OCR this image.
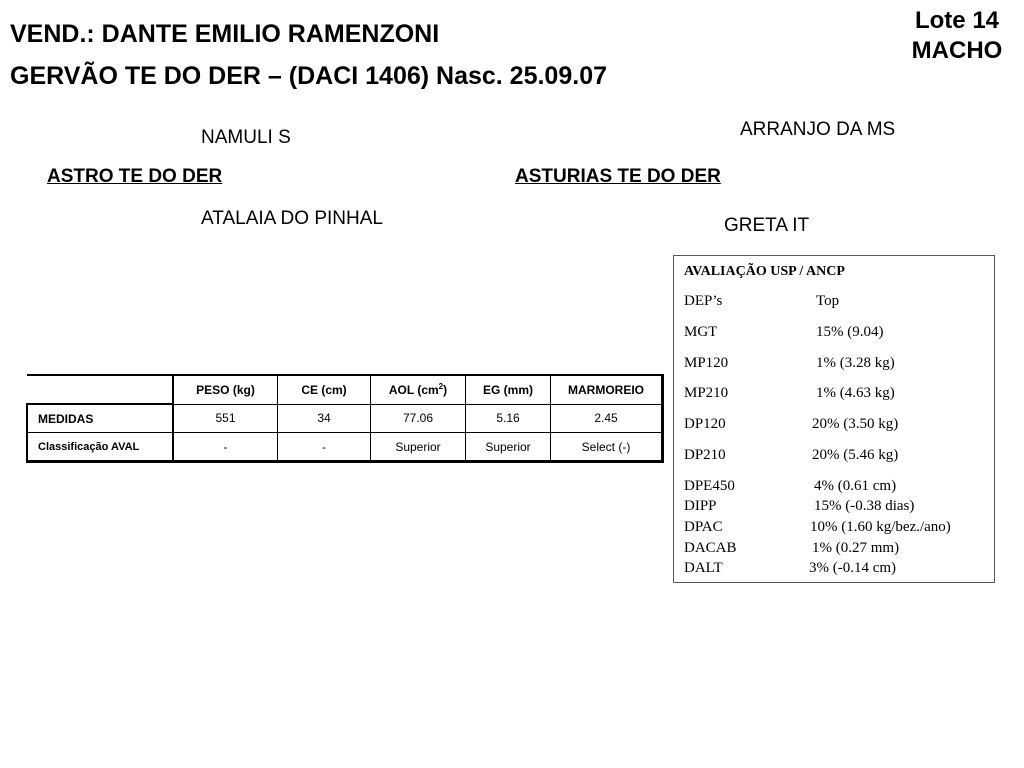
VEND.: DANTE EMILIO RAMENZONI
GERVÃO TE DO DER – (DACI 1406) Nasc. 25.09.07
Lote 14
MACHO
NAMULI S
ASTRO TE DO DER
ATALAIA DO PINHAL
ARRANJO DA MS
ASTURIAS TE DO DER
GRETA IT
	PESO (kg)	CE (cm)	AOL $(cm^2)$	EG (mm)	MARMOREIO
MEDIDAS	551	34	77.06	5.16	2.45
Classificação AVAL	-	-	Superior	Superior	Select (-)
AVALIAÇÃO USP / ANCP
DEP’s	Top
MGT	15% (9.04)
MP120	1% (3.28 kg)
MP210	1% (4.63 kg)
DP120	20% (3.50 kg)
DP210	20% (5.46 kg)
DPE450	4% (0.61 cm)
DIPP	15% (-0.38 dias)
DPAC	10% (1.60 kg/bez./ano)
DACAB	1% (0.27 mm)
DALT	3% (-0.14 cm)
